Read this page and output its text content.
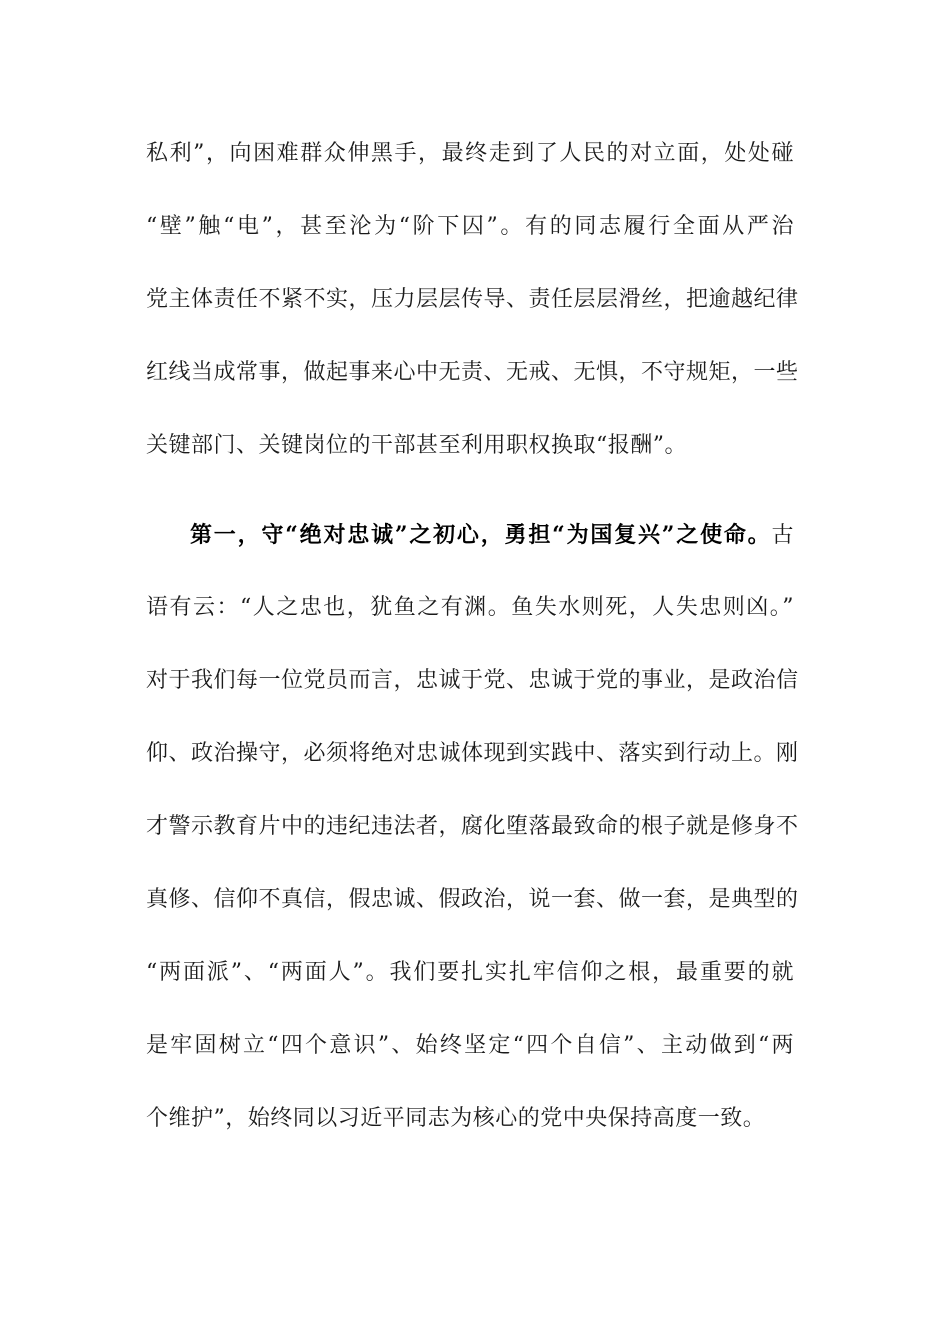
私利”，向困难群众伸黑手，最终走到了人民的对立面，处处碰
“壁”触“电”，甚至沦为“阶下囚”。有的同志履行全面从严治
党主体责任不紧不实，压力层层传导、责任层层滑丝，把逾越纪律
红线当成常事，做起事来心中无责、无戒、无惧，不守规矩，一些
关键部门、关键岗位的干部甚至利用职权换取“报酬”。
第一，守“绝对忠诚”之初心，勇担“为国复兴”之使命。古
语有云：“人之忠也，犹鱼之有渊。鱼失水则死，人失忠则凶。”
对于我们每一位党员而言，忠诚于党、忠诚于党的事业，是政治信
仰、政治操守，必须将绝对忠诚体现到实践中、落实到行动上。刚
才警示教育片中的违纪违法者，腐化堕落最致命的根子就是修身不
真修、信仰不真信，假忠诚、假政治，说一套、做一套，是典型的
“两面派”、“两面人”。我们要扎实扎牢信仰之根，最重要的就
是牢固树立“四个意识”、始终坚定“四个自信”、主动做到“两
个维护”，始终同以习近平同志为核心的党中央保持高度一致。
